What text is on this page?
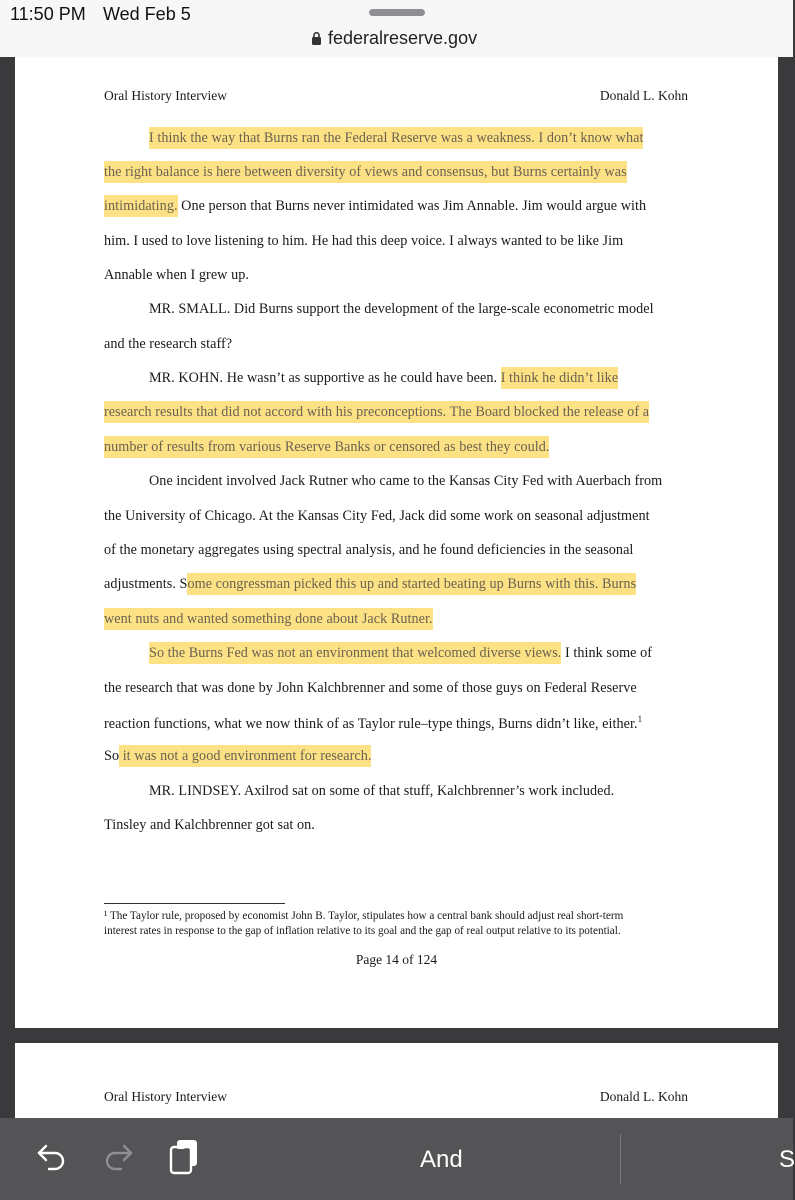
11:50 PM Wed Feb 5
federalreserve.gov
Oral History Interview	Donald L. Kohn
I think the way that Burns ran the Federal Reserve was a weakness. I don’t know what
the right balance is here between diversity of views and consensus, but Burns certainly was
intimidating. One person that Burns never intimidated was Jim Annable. Jim would argue with
him. I used to love listening to him. He had this deep voice. I always wanted to be like Jim
Annable when I grew up.
MR. SMALL. Did Burns support the development of the large-scale econometric model
and the research staff?
MR. KOHN. He wasn’t as supportive as he could have been. I think he didn’t like
research results that did not accord with his preconceptions. The Board blocked the release of a
number of results from various Reserve Banks or censored as best they could.
One incident involved Jack Rutner who came to the Kansas City Fed with Auerbach from
the University of Chicago. At the Kansas City Fed, Jack did some work on seasonal adjustment
of the monetary aggregates using spectral analysis, and he found deficiencies in the seasonal
adjustments. Some congressman picked this up and started beating up Burns with this. Burns
went nuts and wanted something done about Jack Rutner.
So the Burns Fed was not an environment that welcomed diverse views. I think some of
the research that was done by John Kalchbrenner and some of those guys on Federal Reserve
reaction functions, what we now think of as Taylor rule–type things, Burns didn’t like, either.$^1$
So it was not a good environment for research.
MR. LINDSEY. Axilrod sat on some of that stuff, Kalchbrenner’s work included.
Tinsley and Kalchbrenner got sat on.
¹ The Taylor rule, proposed by economist John B. Taylor, stipulates how a central bank should adjust real short-term
interest rates in response to the gap of inflation relative to its goal and the gap of real output relative to its potential.
Page 14 of 124
Oral History Interview	Donald L. Kohn
And	S
